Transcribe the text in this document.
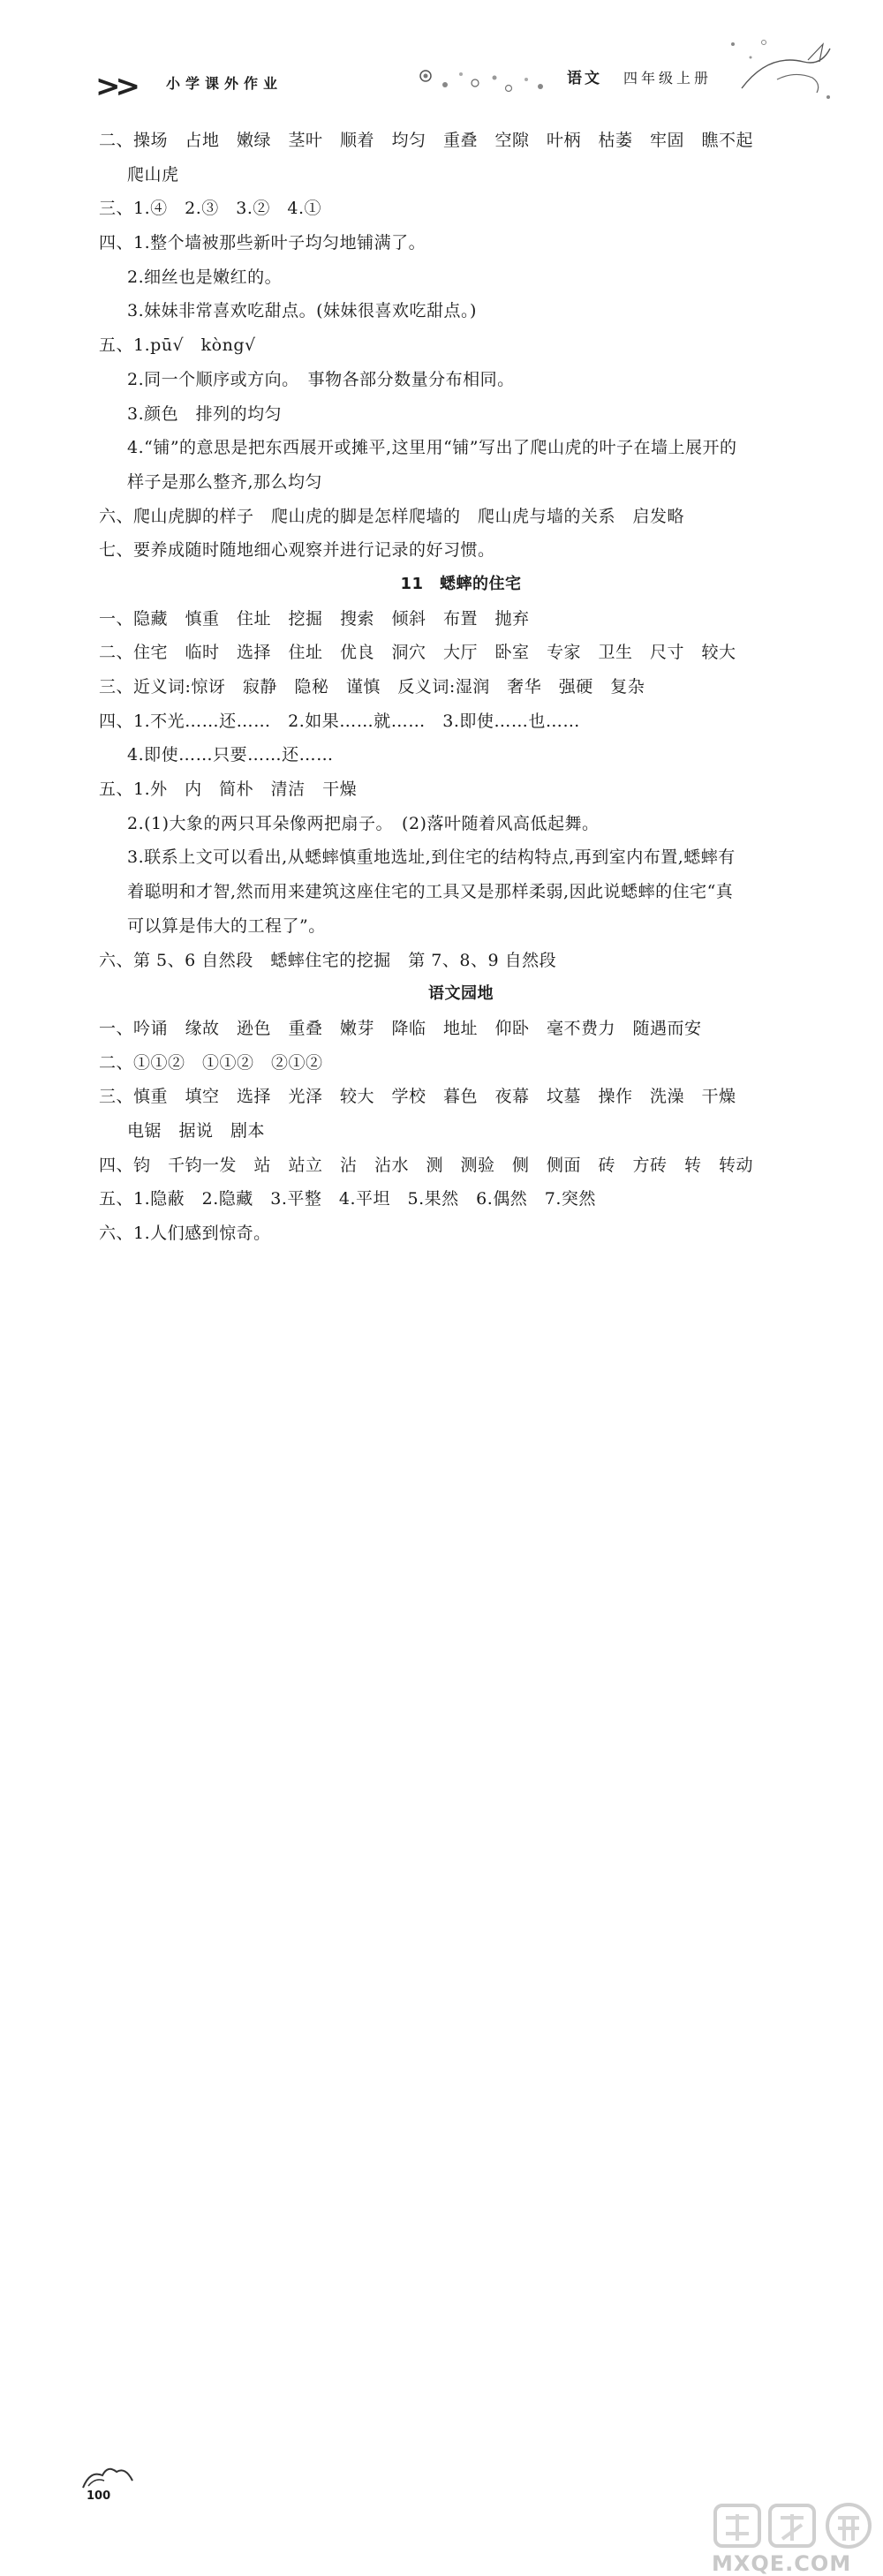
>> 小学课外作业	语文 四年级上册
二、操场　占地　嫩绿　茎叶　顺着　均匀　重叠　空隙　叶柄　枯萎　牢固　瞧不起
爬山虎
三、1.④　2.③　3.②　4.①
四、1.整个墙被那些新叶子均匀地铺满了。
2.细丝也是嫩红的。
3.妹妹非常喜欢吃甜点。(妹妹很喜欢吃甜点。)
五、1.pū√　kòng√
2.同一个顺序或方向。　事物各部分数量分布相同。
3.颜色　排列的均匀
4.“铺”的意思是把东西展开或摊平,这里用“铺”写出了爬山虎的叶子在墙上展开的
样子是那么整齐,那么均匀
六、爬山虎脚的样子　爬山虎的脚是怎样爬墙的　爬山虎与墙的关系　启发略
七、要养成随时随地细心观察并进行记录的好习惯。
11　蟋蟀的住宅
一、隐藏　慎重　住址　挖掘　搜索　倾斜　布置　抛弃
二、住宅　临时　选择　住址　优良　洞穴　大厅　卧室　专家　卫生　尺寸　较大
三、近义词:惊讶　寂静　隐秘　谨慎　反义词:湿润　奢华　强硬　复杂
四、1.不光……还……　2.如果……就……　3.即使……也……
4.即使……只要……还……
五、1.外　内　简朴　清洁　干燥
2.(1)大象的两只耳朵像两把扇子。　(2)落叶随着风高低起舞。
3.联系上文可以看出,从蟋蟀慎重地选址,到住宅的结构特点,再到室内布置,蟋蟀有
着聪明和才智,然而用来建筑这座住宅的工具又是那样柔弱,因此说蟋蟀的住宅“真
可以算是伟大的工程了”。
六、第 5、6 自然段　蟋蟀住宅的挖掘　第 7、8、9 自然段
语文园地
一、吟诵　缘故　逊色　重叠　嫩芽　降临　地址　仰卧　毫不费力　随遇而安
二、①①②　①①②　②①②
三、慎重　填空　选择　光泽　较大　学校　暮色　夜幕　坟墓　操作　洗澡　干燥
电锯　据说　剧本
四、钧　千钧一发　站　站立　沾　沾水　测　测验　侧　侧面　砖　方砖　转　转动
五、1.隐蔽　2.隐藏　3.平整　4.平坦　5.果然　6.偶然　7.突然
六、1.人们感到惊奇。
100
MXQE.COM
